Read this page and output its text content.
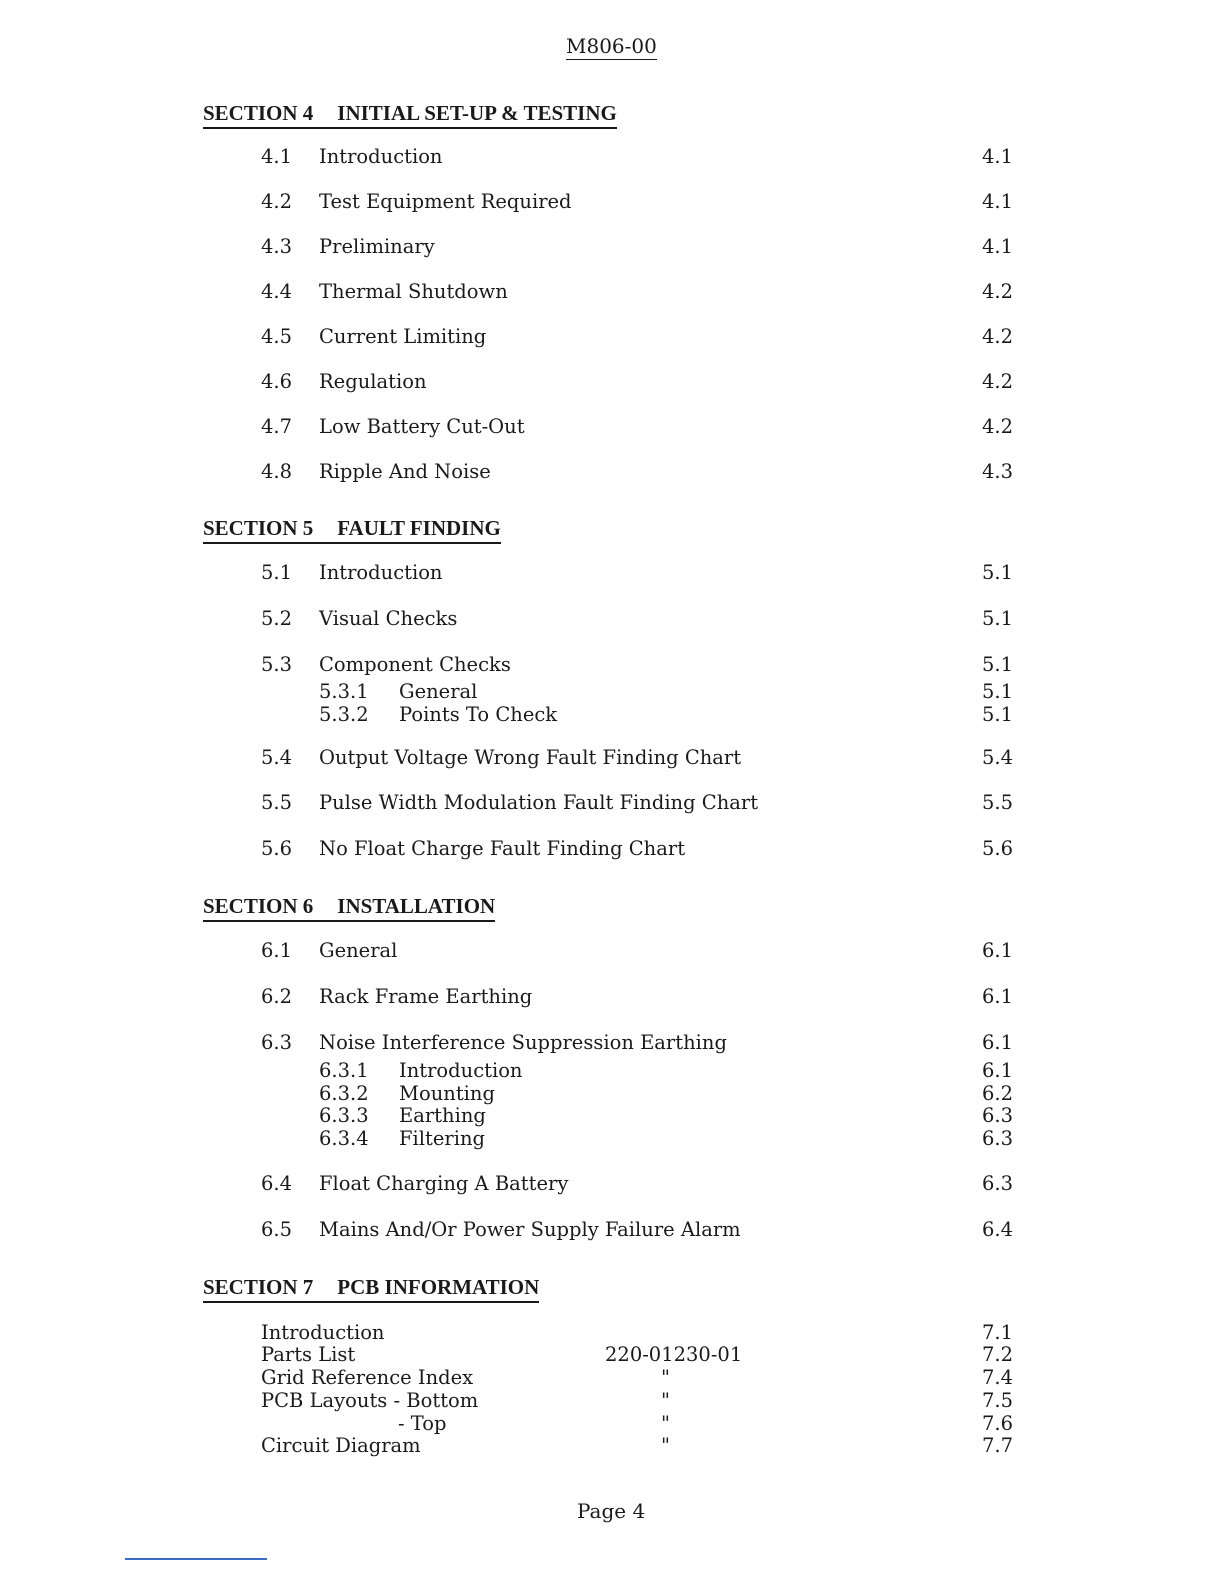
M806-00
SECTION 4 INITIAL SET-UP & TESTING
4.1 Introduction	4.1
4.2 Test Equipment Required	4.1
4.3 Preliminary	4.1
4.4 Thermal Shutdown	4.2
4.5 Current Limiting	4.2
4.6 Regulation	4.2
4.7 Low Battery Cut-Out	4.2
4.8 Ripple And Noise	4.3
SECTION 5 FAULT FINDING
5.1 Introduction	5.1
5.2 Visual Checks	5.1
5.3 Component Checks	5.1
5.3.1 General	5.1
5.3.2 Points To Check	5.1
5.4 Output Voltage Wrong Fault Finding Chart	5.4
5.5 Pulse Width Modulation Fault Finding Chart	5.5
5.6 No Float Charge Fault Finding Chart	5.6
SECTION 6 INSTALLATION
6.1 General	6.1
6.2 Rack Frame Earthing	6.1
6.3 Noise Interference Suppression Earthing	6.1
6.3.1 Introduction	6.1
6.3.2 Mounting	6.2
6.3.3 Earthing	6.3
6.3.4 Filtering	6.3
6.4 Float Charging A Battery	6.3
6.5 Mains And/Or Power Supply Failure Alarm	6.4
SECTION 7 PCB INFORMATION
Introduction	7.1
Parts List	220-01230-01	7.2
Grid Reference Index	"	7.4
PCB Layouts - Bottom	"	7.5
- Top	"	7.6
Circuit Diagram	"	7.7
Page 4
